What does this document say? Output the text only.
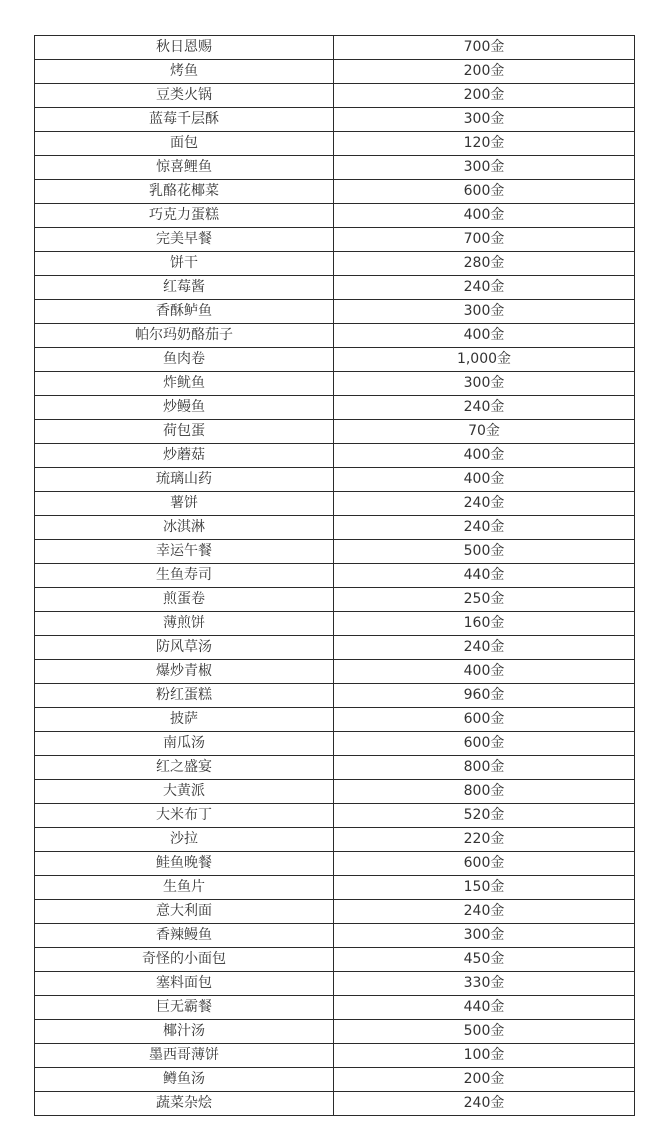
秋日恩赐	700金
烤鱼	200金
豆类火锅	200金
蓝莓千层酥	300金
面包	120金
惊喜鲤鱼	300金
乳酪花椰菜	600金
巧克力蛋糕	400金
完美早餐	700金
饼干	280金
红莓酱	240金
香酥鲈鱼	300金
帕尔玛奶酪茄子	400金
鱼肉卷	1,000金
炸鱿鱼	300金
炒鳗鱼	240金
荷包蛋	70金
炒蘑菇	400金
琉璃山药	400金
薯饼	240金
冰淇淋	240金
幸运午餐	500金
生鱼寿司	440金
煎蛋卷	250金
薄煎饼	160金
防风草汤	240金
爆炒青椒	400金
粉红蛋糕	960金
披萨	600金
南瓜汤	600金
红之盛宴	800金
大黄派	800金
大米布丁	520金
沙拉	220金
鲑鱼晚餐	600金
生鱼片	150金
意大利面	240金
香辣鳗鱼	300金
奇怪的小面包	450金
塞料面包	330金
巨无霸餐	440金
椰汁汤	500金
墨西哥薄饼	100金
鳟鱼汤	200金
蔬菜杂烩	240金
